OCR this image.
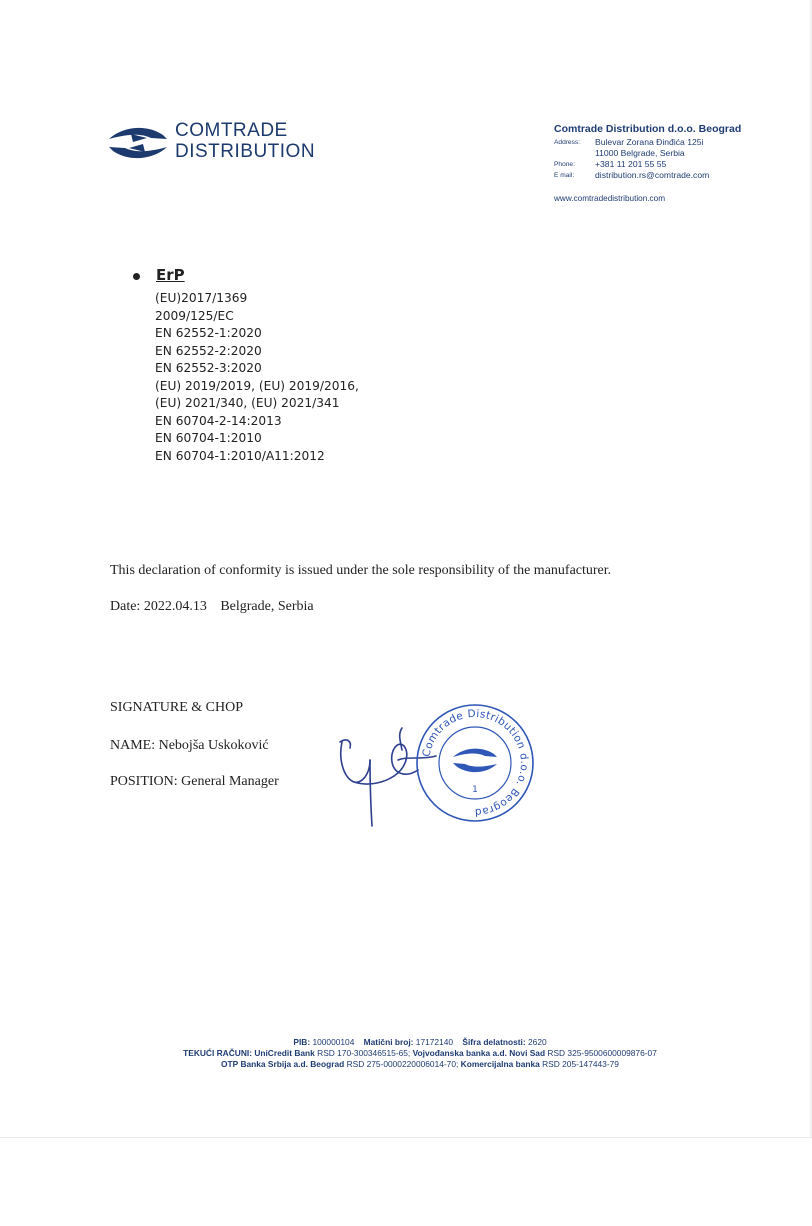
COMTRADE
DISTRIBUTION
Comtrade Distribution d.o.o. Beograd
Address:	Bulevar Zorana Đinđića 125i
11000 Belgrade, Serbia
Phone:	+381 11 201 55 55
E mail:	distribution.rs@comtrade.com
www.comtradedistribution.com
ErP
(EU)2017/1369
2009/125/EC
EN 62552-1:2020
EN 62552-2:2020
EN 62552-3:2020
(EU) 2019/2019, (EU) 2019/2016,
(EU) 2021/340, (EU) 2021/341
EN 60704-2-14:2013
EN 60704-1:2010
EN 60704-1:2010/A11:2012
This declaration of conformity is issued under the sole responsibility of the manufacturer.
Date: 2022.04.13 Belgrade, Serbia
SIGNATURE & CHOP
NAME: Nebojša Uskoković
POSITION: General Manager
Comtrade Distribution d.o.o. Beograd
1
PIB: 100000104 Matični broj: 17172140 Šifra delatnosti: 2620
TEKUĆI RAČUNI: UniCredit Bank RSD 170-300346515-65; Vojvođanska banka a.d. Novi Sad RSD 325-9500600009876-07
OTP Banka Srbija a.d. Beograd RSD 275-0000220006014-70; Komercijalna banka RSD 205-147443-79
